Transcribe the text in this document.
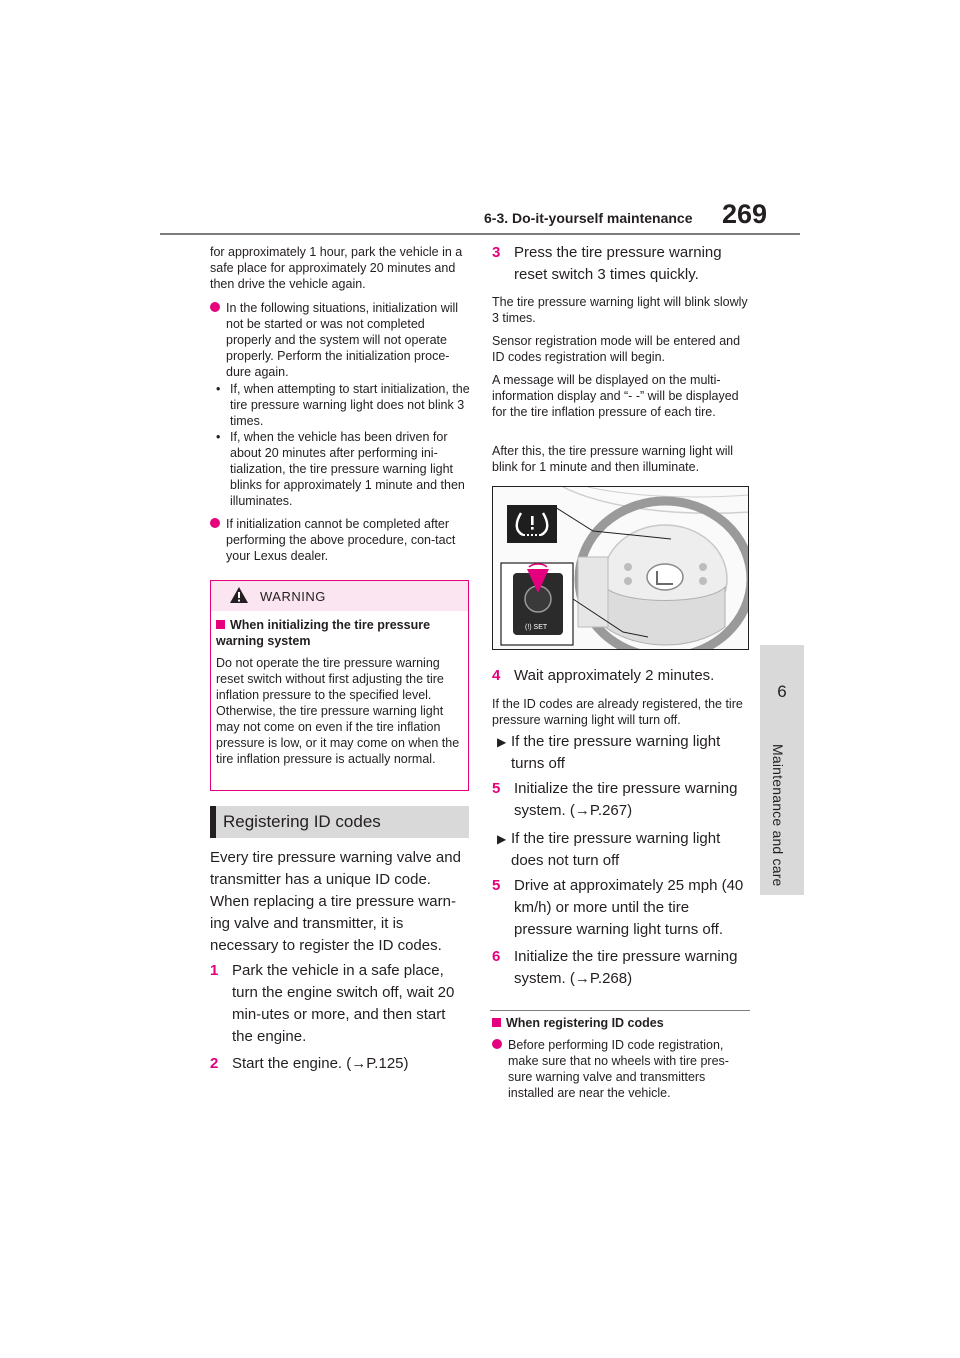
6-3. Do-it-yourself maintenance 269
6
Maintenance and care
for approximately 1 hour, park the vehicle in a safe place for approximately 20 minutes and then drive the vehicle again.
In the following situations, initialization will not be started or was not completed properly and the system will not operate properly. Perform the initialization proce-dure again.
• If, when attempting to start initialization, the tire pressure warning light does not blink 3 times.
• If, when the vehicle has been driven for about 20 minutes after performing ini-tialization, the tire pressure warning light blinks for approximately 1 minute and then illuminates.
If initialization cannot be completed after performing the above procedure, con-tact your Lexus dealer.
WARNING
When initializing the tire pressure warning system
Do not operate the tire pressure warning reset switch without first adjusting the tire inflation pressure to the specified level. Otherwise, the tire pressure warning light may not come on even if the tire inflation pressure is low, or it may come on when the tire inflation pressure is actually normal.
Registering ID codes
Every tire pressure warning valve and transmitter has a unique ID code. When replacing a tire pressure warn-ing valve and transmitter, it is necessary to register the ID codes.
1 Park the vehicle in a safe place, turn the engine switch off, wait 20 min-utes or more, and then start the engine.
2 Start the engine. (→P.125)
3 Press the tire pressure warning reset switch 3 times quickly.
The tire pressure warning light will blink slowly 3 times.
Sensor registration mode will be entered and ID codes registration will begin.
A message will be displayed on the multi-information display and “- -” will be displayed for the tire inflation pressure of each tire.
After this, the tire pressure warning light will blink for 1 minute and then illuminate.
(!) SET
4 Wait approximately 2 minutes.
If the ID codes are already registered, the tire pressure warning light will turn off.
▶ If the tire pressure warning light turns off
5 Initialize the tire pressure warning system. (→P.267)
▶ If the tire pressure warning light does not turn off
5 Drive at approximately 25 mph (40 km/h) or more until the tire pressure warning light turns off.
6 Initialize the tire pressure warning system. (→P.268)
When registering ID codes
Before performing ID code registration, make sure that no wheels with tire pres-sure warning valve and transmitters installed are near the vehicle.
